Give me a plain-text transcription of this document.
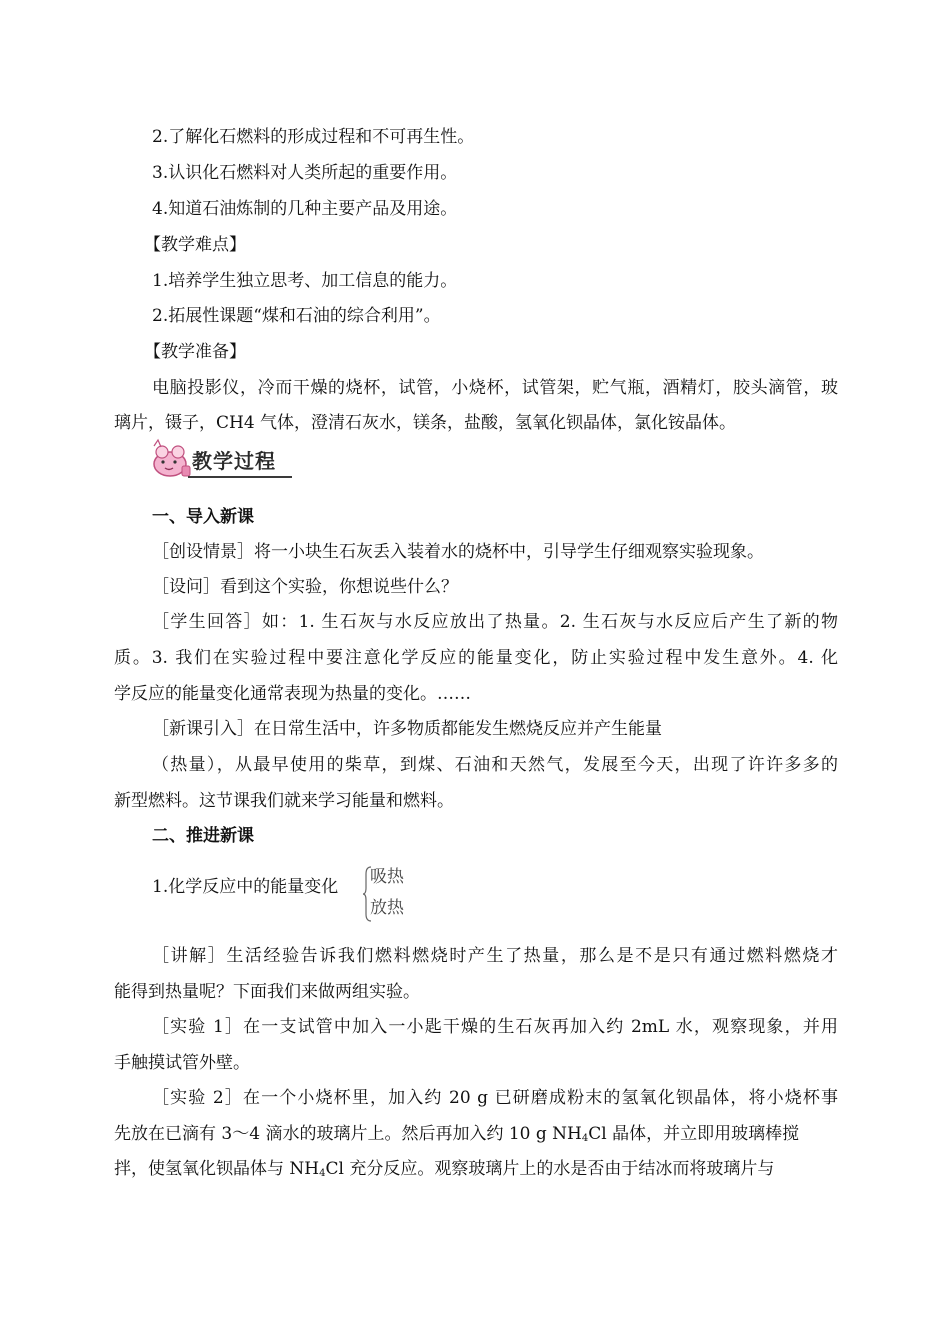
2.了解化石燃料的形成过程和不可再生性。
3.认识化石燃料对人类所起的重要作用。
4.知道石油炼制的几种主要产品及用途。
【教学难点】
1.培养学生独立思考、加工信息的能力。
2.拓展性课题“煤和石油的综合利用”。
【教学准备】
电脑投影仪，冷而干燥的烧杯，试管，小烧杯，试管架，贮气瓶，酒精灯，胶头滴管，玻
璃片，镊子，CH4 气体，澄清石灰水，镁条，盐酸，氢氧化钡晶体，氯化铵晶体。
教学过程
一、导入新课
［创设情景］将一小块生石灰丢入装着水的烧杯中，引导学生仔细观察实验现象。
［设问］看到这个实验，你想说些什么？
［学生回答］如：1. 生石灰与水反应放出了热量。2. 生石灰与水反应后产生了新的物
质。3. 我们在实验过程中要注意化学反应的能量变化，防止实验过程中发生意外。4. 化
学反应的能量变化通常表现为热量的变化。……
［新课引入］在日常生活中，许多物质都能发生燃烧反应并产生能量
（热量），从最早使用的柴草，到煤、石油和天然气，发展至今天，出现了许许多多的
新型燃料。这节课我们就来学习能量和燃料。
二、推进新课
1.化学反应中的能量变化	吸热
放热
［讲解］生活经验告诉我们燃料燃烧时产生了热量，那么是不是只有通过燃料燃烧才
能得到热量呢？下面我们来做两组实验。
［实验 1］在一支试管中加入一小匙干燥的生石灰再加入约 2mL 水，观察现象，并用
手触摸试管外壁。
［实验 2］在一个小烧杯里，加入约 20 g 已研磨成粉末的氢氧化钡晶体，将小烧杯事
先放在已滴有 3～4 滴水的玻璃片上。然后再加入约 10 g $NH_4Cl$ 晶体，并立即用玻璃棒搅
拌，使氢氧化钡晶体与 $NH_4Cl$ 充分反应。观察玻璃片上的水是否由于结冰而将玻璃片与
